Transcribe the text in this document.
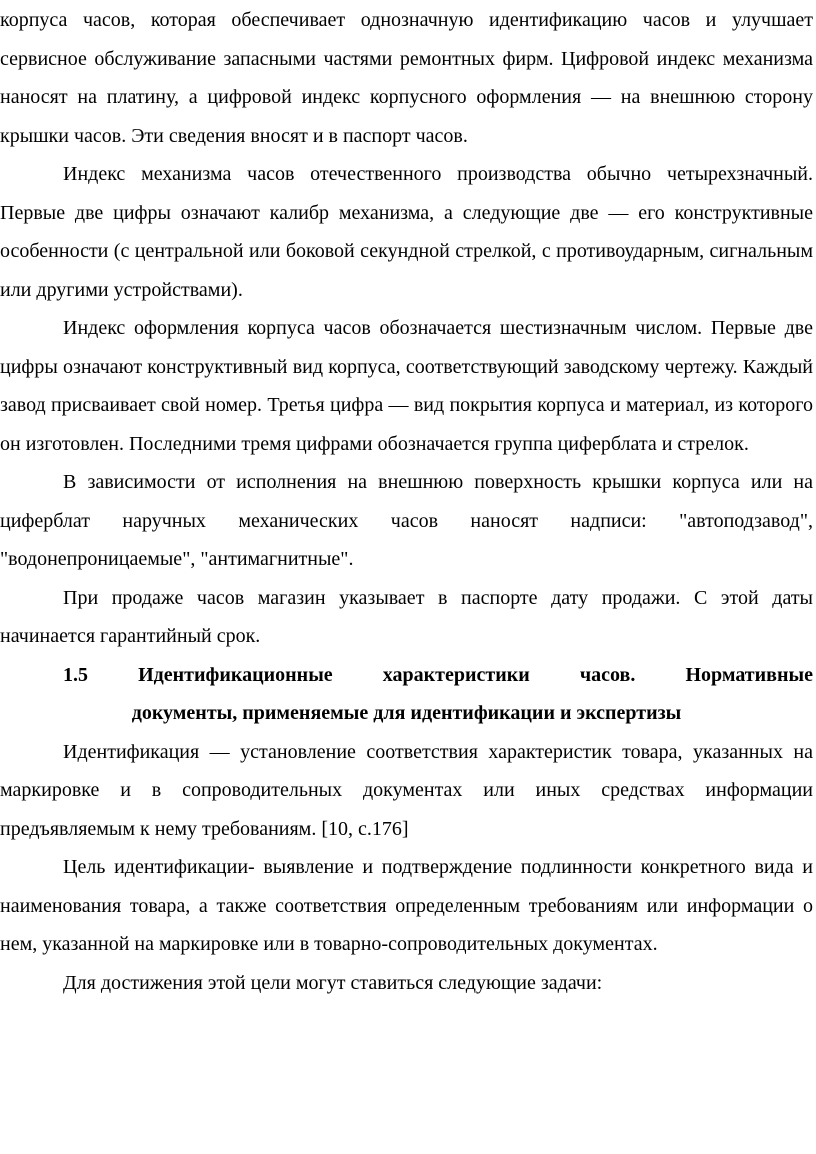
корпуса часов, которая обеспечивает однозначную идентификацию часов и улучшает сервисное обслуживание запасными частями ремонтных фирм. Цифровой индекс механизма наносят на платину, а цифровой индекс корпусного оформления — на внешнюю сторону крышки часов. Эти сведения вносят и в паспорт часов.

Индекс механизма часов отечественного производства обычно четырехзначный. Первые две цифры означают калибр механизма, а следующие две — его конструктивные особенности (с центральной или боковой секундной стрелкой, с противоударным, сигнальным или другими устройствами).

Индекс оформления корпуса часов обозначается шестизначным числом. Первые две цифры означают конструктивный вид корпуса, соответствующий заводскому чертежу. Каждый завод присваивает свой номер. Третья цифра — вид покрытия корпуса и материал, из которого он изготовлен. Последними тремя цифрами обозначается группа циферблата и стрелок.

В зависимости от исполнения на внешнюю поверхность крышки корпуса или на циферблат наручных механических часов наносят надписи: "автоподзавод", "водонепроницаемые", "антимагнитные".

При продаже часов магазин указывает в паспорте дату продажи. С этой даты начинается гарантийный срок.

1.5	Идентификационные	характеристики	часов.	Нормативные
документы, применяемые для идентификации и экспертизы

Идентификация — установление соответствия характеристик товара, указанных на маркировке и в сопроводительных документах или иных средствах информации предъявляемым к нему требованиям. [10, с.176]

Цель идентификации- выявление и подтверждение подлинности конкретного вида и наименования товара, а также соответствия определенным требованиям или информации о нем, указанной на маркировке или в товарно-сопроводительных документах.

Для достижения этой цели могут ставиться следующие задачи:
